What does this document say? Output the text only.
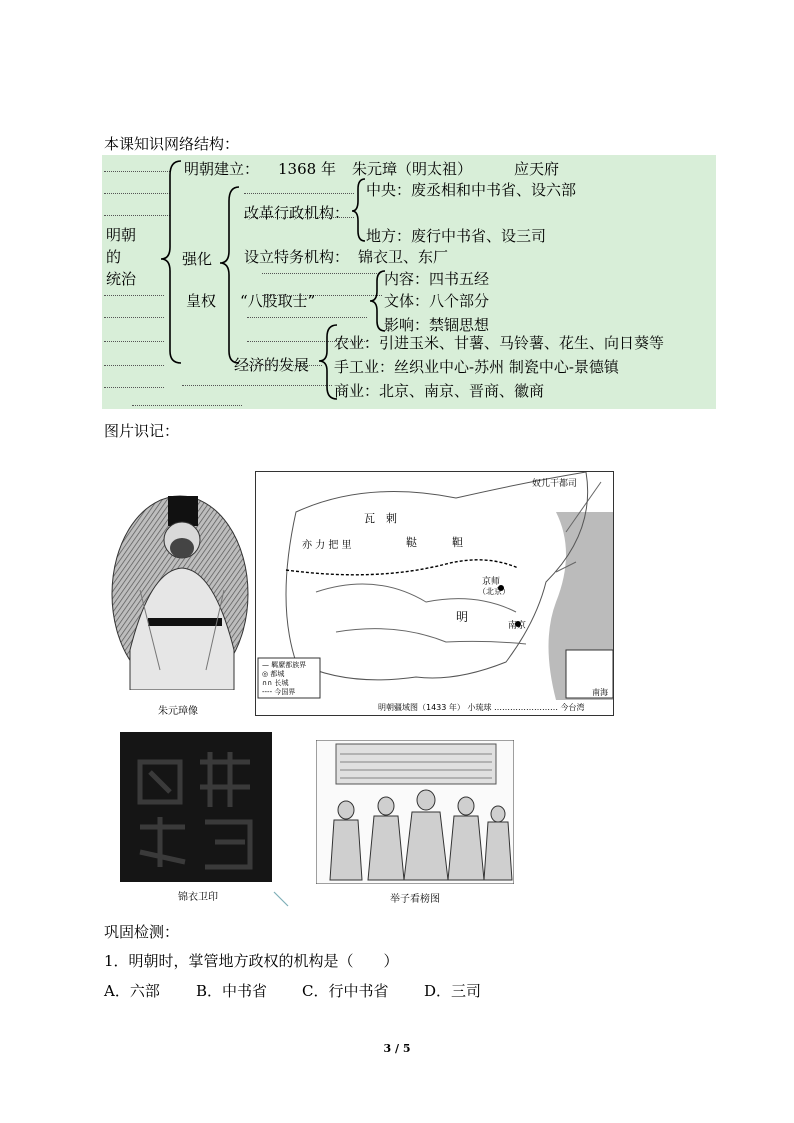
本课知识网络结构：
明朝
的
统治
明朝建立： 1368 年 朱元璋（明太祖）	应天府
强化
皇权
改革行政机构：
中央：废丞相和中书省、设六部
地方：废行中书省、设三司
设立特务机构： 锦衣卫、东厂
“八股取士”
内容：四书五经
文体：八个部分
影响：禁锢思想
经济的发展
农业：引进玉米、甘薯、马铃薯、花生、向日葵等
手工业：丝织业中心-苏州 制瓷中心-景德镇
商业：北京、南京、晋商、徽商
图片识记：
朱元璋像
瓦 剌
鞑	靼
亦 力 把 里
京师
（北京）
明
南京
奴儿干都司
南海
— 羁縻都族界
◎ 都城
∩∩ 长城
---- 今国界
明朝疆域图（1433 年） 小琉球 …………………… 今台湾
锦衣卫印	举子看榜图
巩固检测：
1．明朝时，掌管地方政权的机构是（　　）
A．六部 B．中书省 C．行中书省 D．三司
3 / 5
